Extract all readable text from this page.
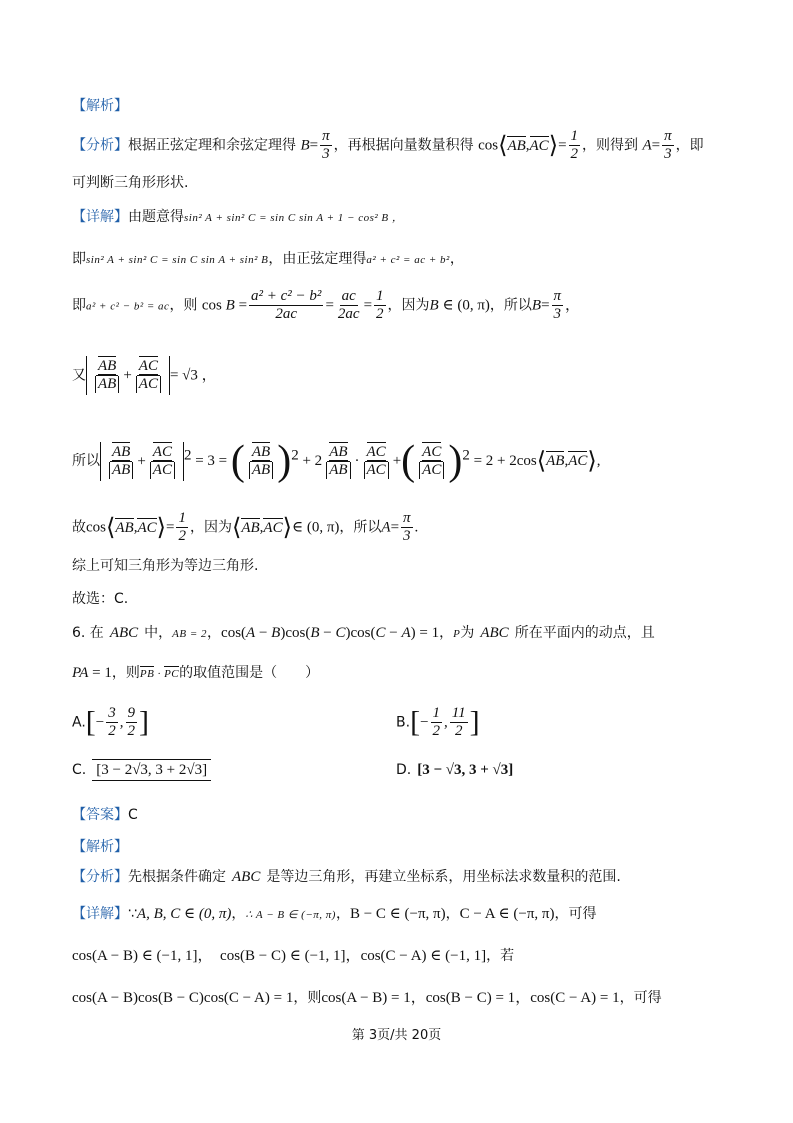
【解析】
【分析】根据正弦定理和余弦定理得 $B= \frac{\pi}{3}$ ，再根据向量数量积得 cos⟨AB,AC⟩= $\frac{1}{2}$ ，则得到 $A= \frac{\pi}{3}$ ，即
可判断三角形形状.
【详解】由题意得sin² A + sin² C = sin C sin A + 1 − cos² B ，
即sin² A + sin² C = sin C sin A + sin² B，由正弦定理得a² + c² = ac + b²，
即a² + c² − b² = ac，则 $\cos B = \frac{\text{a² + c² − b²}}{2ac} = \frac{ac}{2ac} = \frac{1}{2}$ ，因为B ∈ (0, π)，所以$B= \frac{\pi}{3}$ ，
又 $\frac{AB}{AB} + \frac{AC}{AC} = √3$ ，
所以 $\frac{AB}{AB} + \frac{AC}{AC} ^2 = 3$ = ( $\frac{AB}{AB} )^2 + 2 \frac{AB}{AB} \cdot \frac{AC}{AC}$ +( $\frac{AC}{AC} )^2 = 2$ + 2cos⟨AB,AC⟩,
故cos⟨AB,AC⟩= $\frac{1}{2}$ ，因为⟨AB,AC⟩∈ (0, π)，所以$A= \frac{\pi}{3}$ .
综上可知三角形为等边三角形.
故选：C.
6. 在 ABC 中，AB = 2，cos(A − B)cos(B − C)cos(C − A) = 1，P为 ABC 所在平面内的动点，且
PA = 1，则PB · PC的取值范围是（　　）
$A.[- \frac{3}{2}$ , $\frac{9}{2}$ ]	$B.[- \frac{1}{2}$ , $\frac{11}{2}$ ]
C. [3 − 2√3, 3 + 2√3]	D. [3 − √3, 3 + √3]
【答案】C
【解析】
【分析】先根据条件确定 ABC 是等边三角形，再建立坐标系，用坐标法求数量积的范围.
【详解】∵A, B, C ∈ (0, π)，∴ A − B ∈ (−π, π)，B − C ∈ (−π, π)，C − A ∈ (−π, π)，可得
cos(A − B) ∈ (−1, 1]，　cos(B − C) ∈ (−1, 1]，cos(C − A) ∈ (−1, 1]，若
cos(A − B)cos(B − C)cos(C − A) = 1，则cos(A − B) = 1，cos(B − C) = 1，cos(C − A) = 1，可得
第 3页/共 20页
